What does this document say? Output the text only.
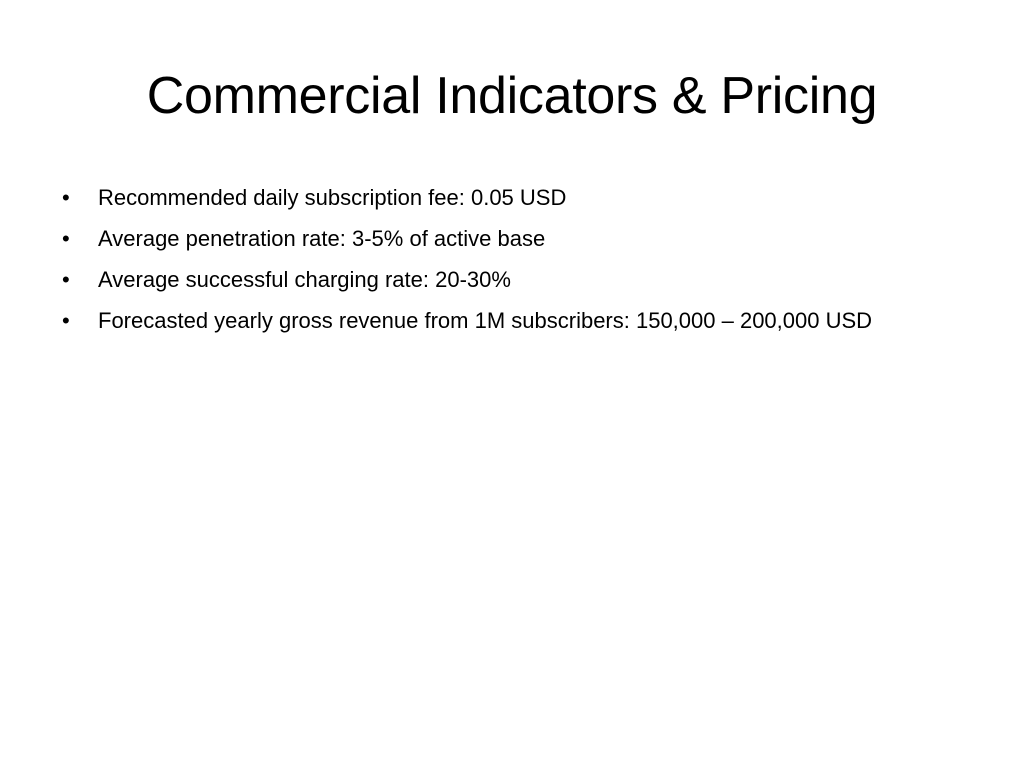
Commercial Indicators & Pricing
•	Recommended daily subscription fee: 0.05 USD
•	Average penetration rate: 3-5% of active base
•	Average successful charging rate: 20-30%
•	Forecasted yearly gross revenue from 1M subscribers: 150,000 – 200,000 USD
